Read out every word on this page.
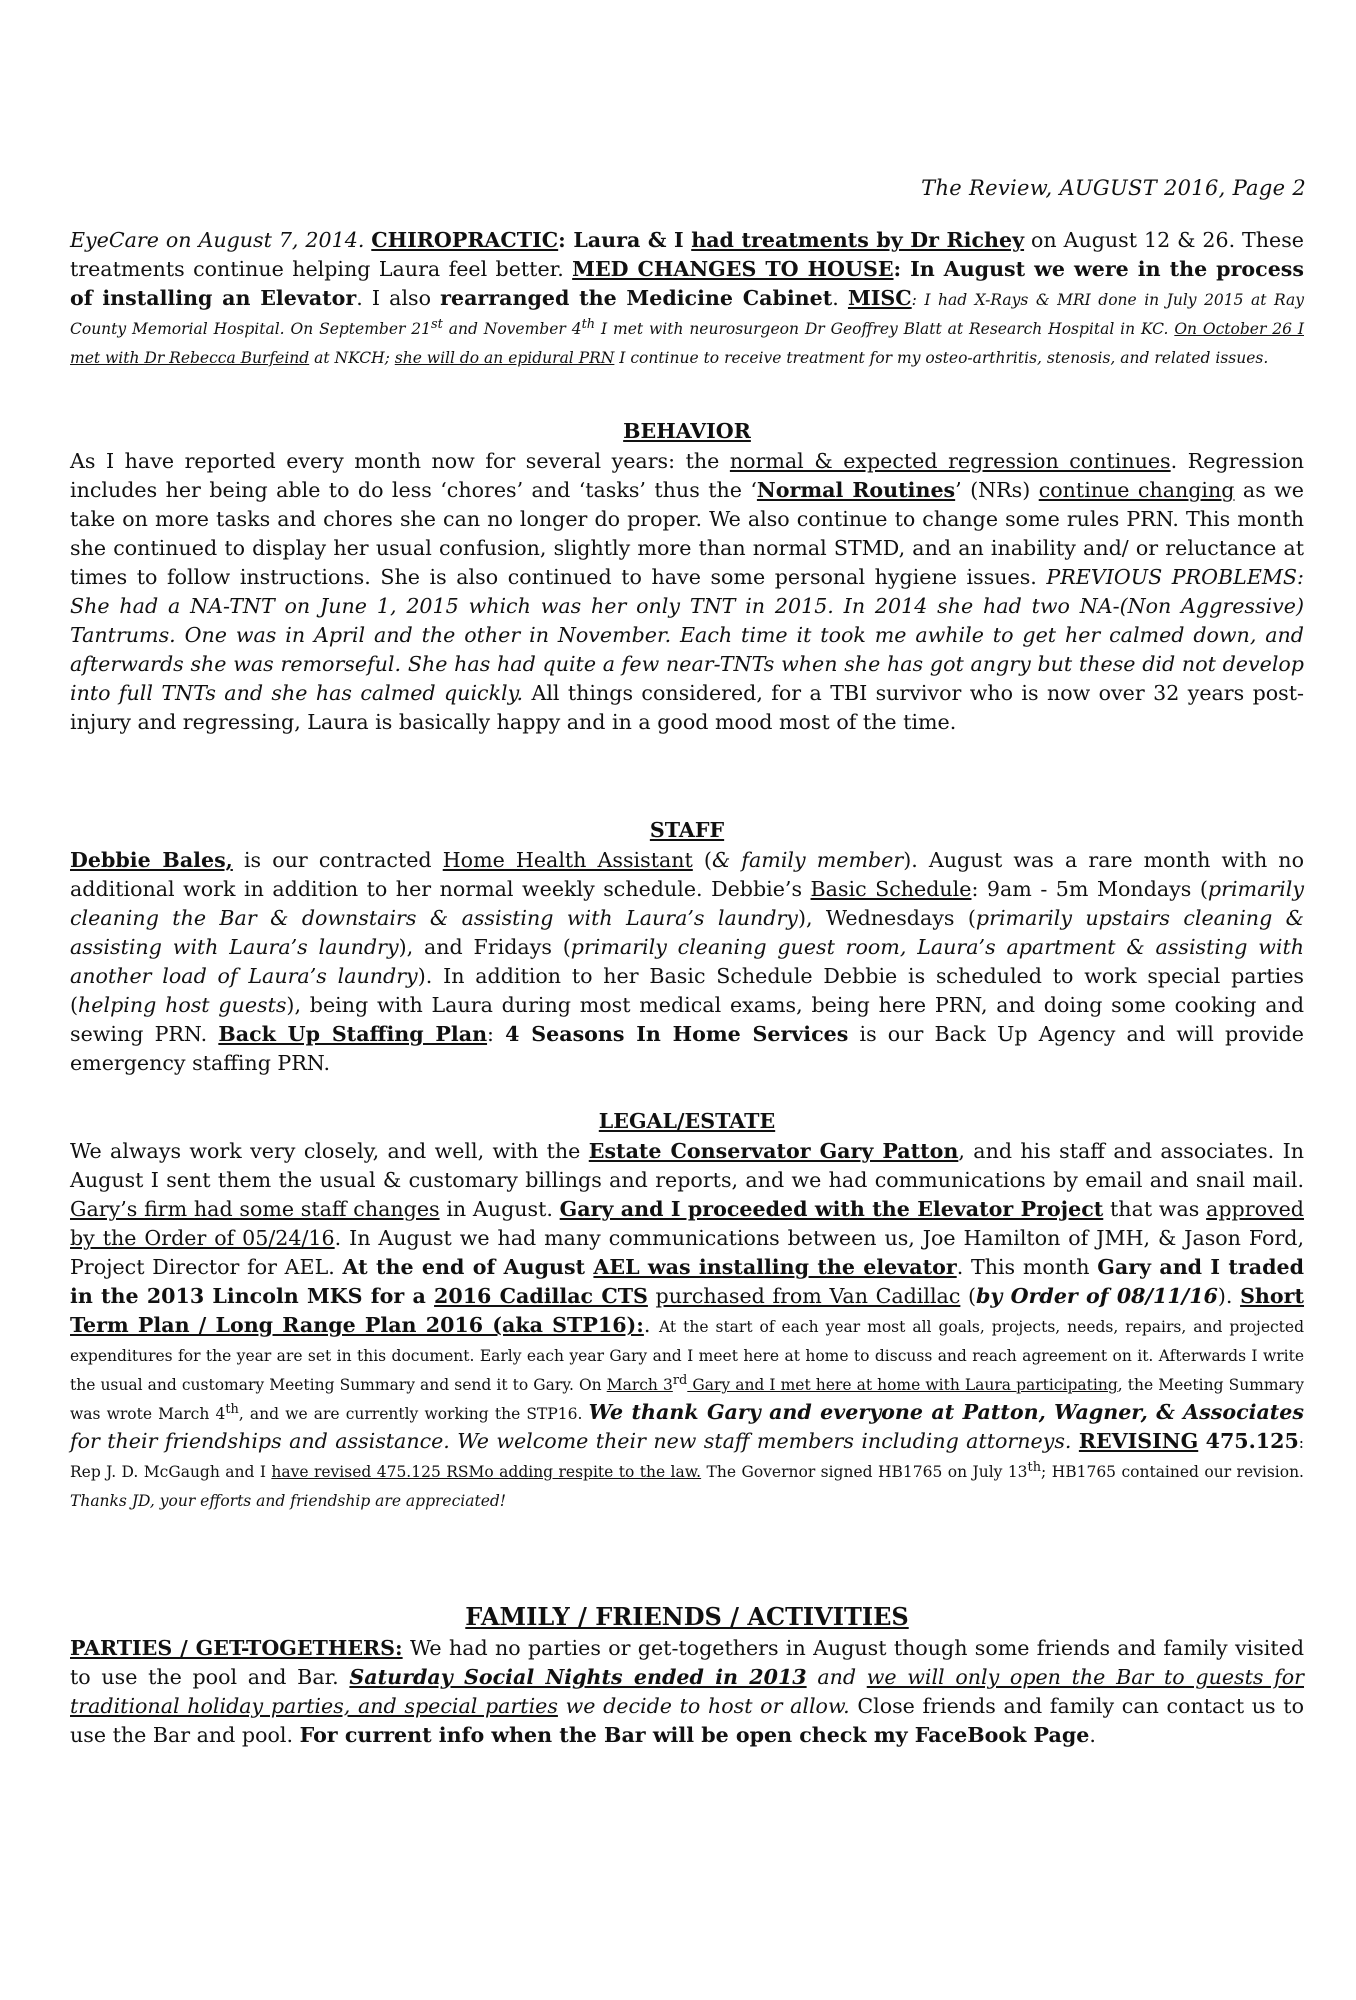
The Review, AUGUST 2016, Page 2

EyeCare on August 7, 2014. CHIROPRACTIC: Laura & I had treatments by Dr Richey on August 12 & 26. These treatments continue helping Laura feel better. MED CHANGES TO HOUSE: In August we were in the process of installing an Elevator. I also rearranged the Medicine Cabinet. MISC: I had X-Rays & MRI done in July 2015 at Ray County Memorial Hospital. On September 21st and November 4th I met with neurosurgeon Dr Geoffrey Blatt at Research Hospital in KC. On October 26 I met with Dr Rebecca Burfeind at NKCH; she will do an epidural PRN I continue to receive treatment for my osteo-arthritis, stenosis, and related issues.

BEHAVIOR

As I have reported every month now for several years: the normal & expected regression continues. Regression includes her being able to do less ‘chores’ and ‘tasks’ thus the ‘Normal Routines’ (NRs) continue changing as we take on more tasks and chores she can no longer do proper. We also continue to change some rules PRN. This month she continued to display her usual confusion, slightly more than normal STMD, and an inability and/ or reluctance at times to follow instructions. She is also continued to have some personal hygiene issues. PREVIOUS PROBLEMS: She had a NA-TNT on June 1, 2015 which was her only TNT in 2015. In 2014 she had two NA-(Non Aggressive) Tantrums. One was in April and the other in November. Each time it took me awhile to get her calmed down, and afterwards she was remorseful. She has had quite a few near-TNTs when she has got angry but these did not develop into full TNTs and she has calmed quickly. All things considered, for a TBI survivor who is now over 32 years post-injury and regressing, Laura is basically happy and in a good mood most of the time.

STAFF

Debbie Bales, is our contracted Home Health Assistant (& family member). August was a rare month with no additional work in addition to her normal weekly schedule. Debbie’s Basic Schedule: 9am - 5m Mondays (primarily cleaning the Bar & downstairs & assisting with Laura’s laundry), Wednesdays (primarily upstairs cleaning & assisting with Laura’s laundry), and Fridays (primarily cleaning guest room, Laura’s apartment & assisting with another load of Laura’s laundry). In addition to her Basic Schedule Debbie is scheduled to work special parties (helping host guests), being with Laura during most medical exams, being here PRN, and doing some cooking and sewing PRN. Back Up Staffing Plan: 4 Seasons In Home Services is our Back Up Agency and will provide emergency staffing PRN.

LEGAL/ESTATE

We always work very closely, and well, with the Estate Conservator Gary Patton, and his staff and associates. In August I sent them the usual & customary billings and reports, and we had communications by email and snail mail. Gary’s firm had some staff changes in August. Gary and I proceeded with the Elevator Project that was approved by the Order of 05/24/16. In August we had many communications between us, Joe Hamilton of JMH, & Jason Ford, Project Director for AEL. At the end of August AEL was installing the elevator. This month Gary and I traded in the 2013 Lincoln MKS for a 2016 Cadillac CTS purchased from Van Cadillac (by Order of 08/11/16). Short Term Plan / Long Range Plan 2016 (aka STP16):. At the start of each year most all goals, projects, needs, repairs, and projected expenditures for the year are set in this document. Early each year Gary and I meet here at home to discuss and reach agreement on it. Afterwards I write the usual and customary Meeting Summary and send it to Gary. On March 3rd Gary and I met here at home with Laura participating, the Meeting Summary was wrote March 4th, and we are currently working the STP16. We thank Gary and everyone at Patton, Wagner, & Associates for their friendships and assistance. We welcome their new staff members including attorneys. REVISING 475.125: Rep J. D. McGaugh and I have revised 475.125 RSMo adding respite to the law. The Governor signed HB1765 on July 13th; HB1765 contained our revision. Thanks JD, your efforts and friendship are appreciated!

FAMILY / FRIENDS / ACTIVITIES

PARTIES / GET-TOGETHERS: We had no parties or get-togethers in August though some friends and family visited to use the pool and Bar. Saturday Social Nights ended in 2013 and we will only open the Bar to guests for traditional holiday parties, and special parties we decide to host or allow. Close friends and family can contact us to use the Bar and pool. For current info when the Bar will be open check my FaceBook Page.
